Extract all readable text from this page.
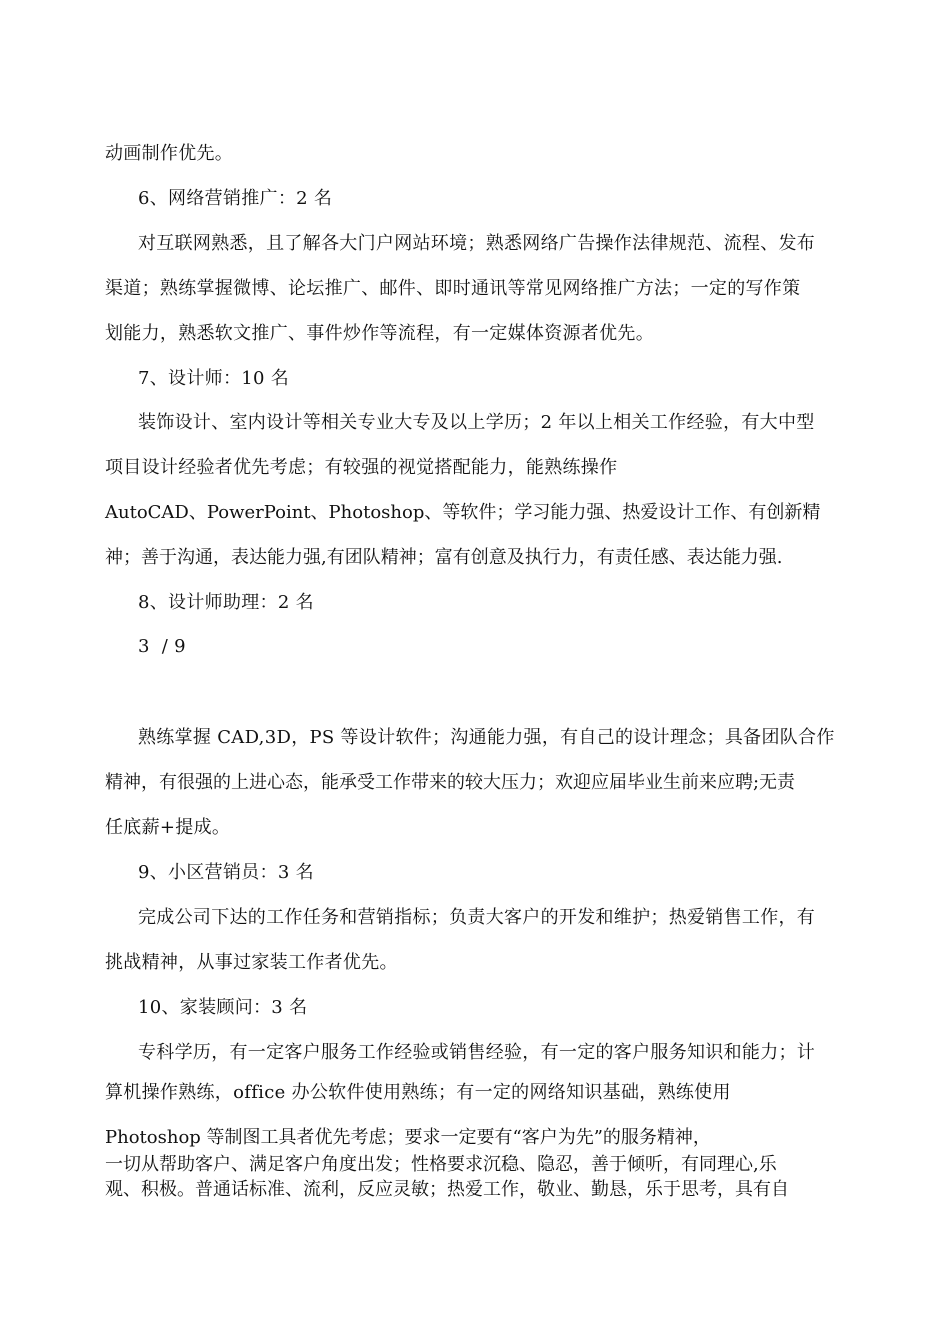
动画制作优先。
6、网络营销推广：2 名
对互联网熟悉，且了解各大门户网站环境；熟悉网络广告操作法律规范、流程、发布
渠道；熟练掌握微博、论坛推广、邮件、即时通讯等常见网络推广方法；一定的写作策
划能力，熟悉软文推广、事件炒作等流程，有一定媒体资源者优先。
7、设计师：10 名
装饰设计、室内设计等相关专业大专及以上学历；2 年以上相关工作经验，有大中型
项目设计经验者优先考虑；有较强的视觉搭配能力，能熟练操作
AutoCAD、PowerPoint、Photoshop、等软件；学习能力强、热爱设计工作、有创新精
神；善于沟通，表达能力强,有团队精神；富有创意及执行力，有责任感、表达能力强.
8、设计师助理：2 名
3  / 9
熟练掌握 CAD,3D，PS 等设计软件；沟通能力强，有自己的设计理念；具备团队合作
精神，有很强的上进心态，能承受工作带来的较大压力；欢迎应届毕业生前来应聘;无责
任底薪+提成。
9、小区营销员：3 名
完成公司下达的工作任务和营销指标；负责大客户的开发和维护；热爱销售工作，有
挑战精神，从事过家装工作者优先。
10、家装顾问：3 名
专科学历，有一定客户服务工作经验或销售经验，有一定的客户服务知识和能力；计
算机操作熟练，office 办公软件使用熟练；有一定的网络知识基础，熟练使用
Photoshop 等制图工具者优先考虑；要求一定要有“客户为先”的服务精神，
一切从帮助客户、满足客户角度出发；性格要求沉稳、隐忍，善于倾听，有同理心,乐
观、积极。普通话标准、流利，反应灵敏；热爱工作，敬业、勤恳，乐于思考，具有自
